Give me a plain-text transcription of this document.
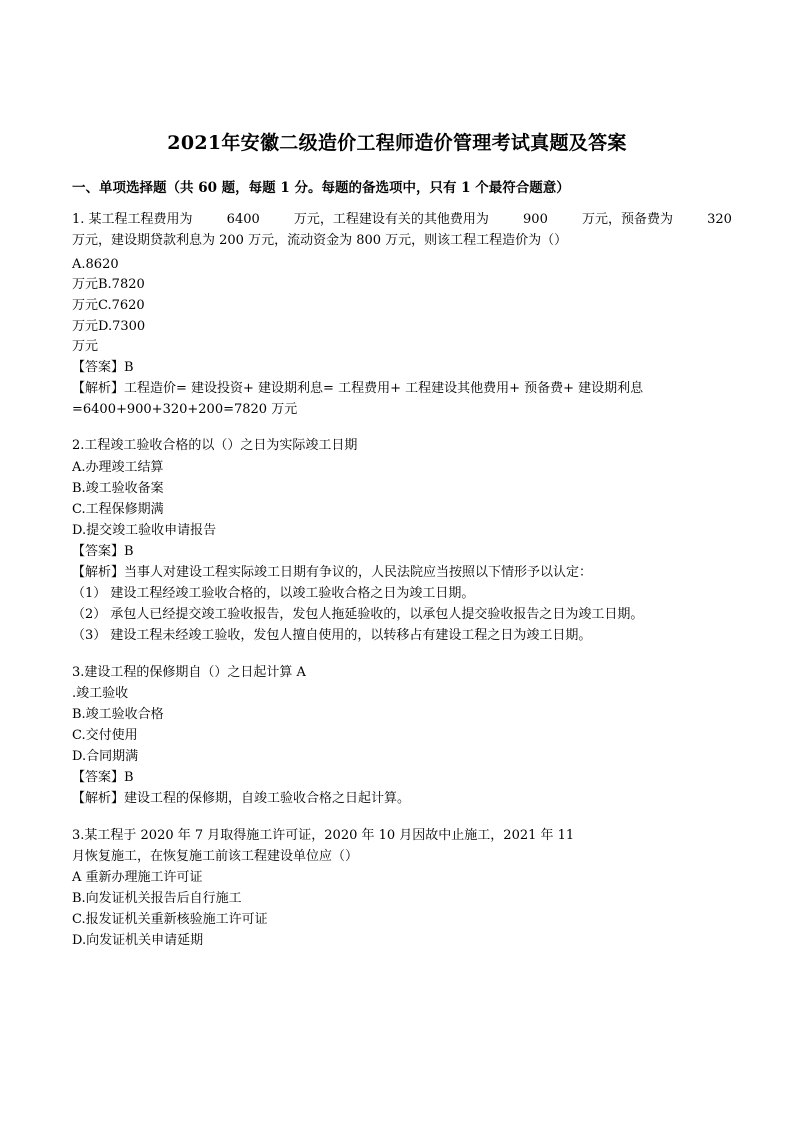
2021年安徽二级造价工程师造价管理考试真题及答案
一、单项选择题（共 60 题，每题 1 分。每题的备选项中，只有 1 个最符合题意）
1. 某工程工程费用为	6400	万元，工程建设有关的其他费用为	900	万元，预备费为	320
万元，建设期贷款利息为 200 万元，流动资金为 800 万元，则该工程工程造价为（）
A.8620
万元B.7820
万元C.7620
万元D.7300
万元
【答案】B
【解析】工程造价= 建设投资+ 建设期利息= 工程费用+ 工程建设其他费用+ 预备费+ 建设期利息
=6400+900+320+200=7820 万元
2.工程竣工验收合格的以（）之日为实际竣工日期
A.办理竣工结算
B.竣工验收备案
C.工程保修期满
D.提交竣工验收申请报告
【答案】B
【解析】当事人对建设工程实际竣工日期有争议的，人民法院应当按照以下情形予以认定：
（1） 建设工程经竣工验收合格的，以竣工验收合格之日为竣工日期。
（2） 承包人已经提交竣工验收报告，发包人拖延验收的，以承包人提交验收报告之日为竣工日期。
（3） 建设工程未经竣工验收，发包人擅自使用的，以转移占有建设工程之日为竣工日期。
3.建设工程的保修期自（）之日起计算 A
.竣工验收
B.竣工验收合格
C.交付使用
D.合同期满
【答案】B
【解析】建设工程的保修期，自竣工验收合格之日起计算。
3.某工程于 2020 年 7 月取得施工许可证，2020 年 10 月因故中止施工，2021 年 11
月恢复施工，在恢复施工前该工程建设单位应（）
A 重新办理施工许可证
B.向发证机关报告后自行施工
C.报发证机关重新核验施工许可证
D.向发证机关申请延期
